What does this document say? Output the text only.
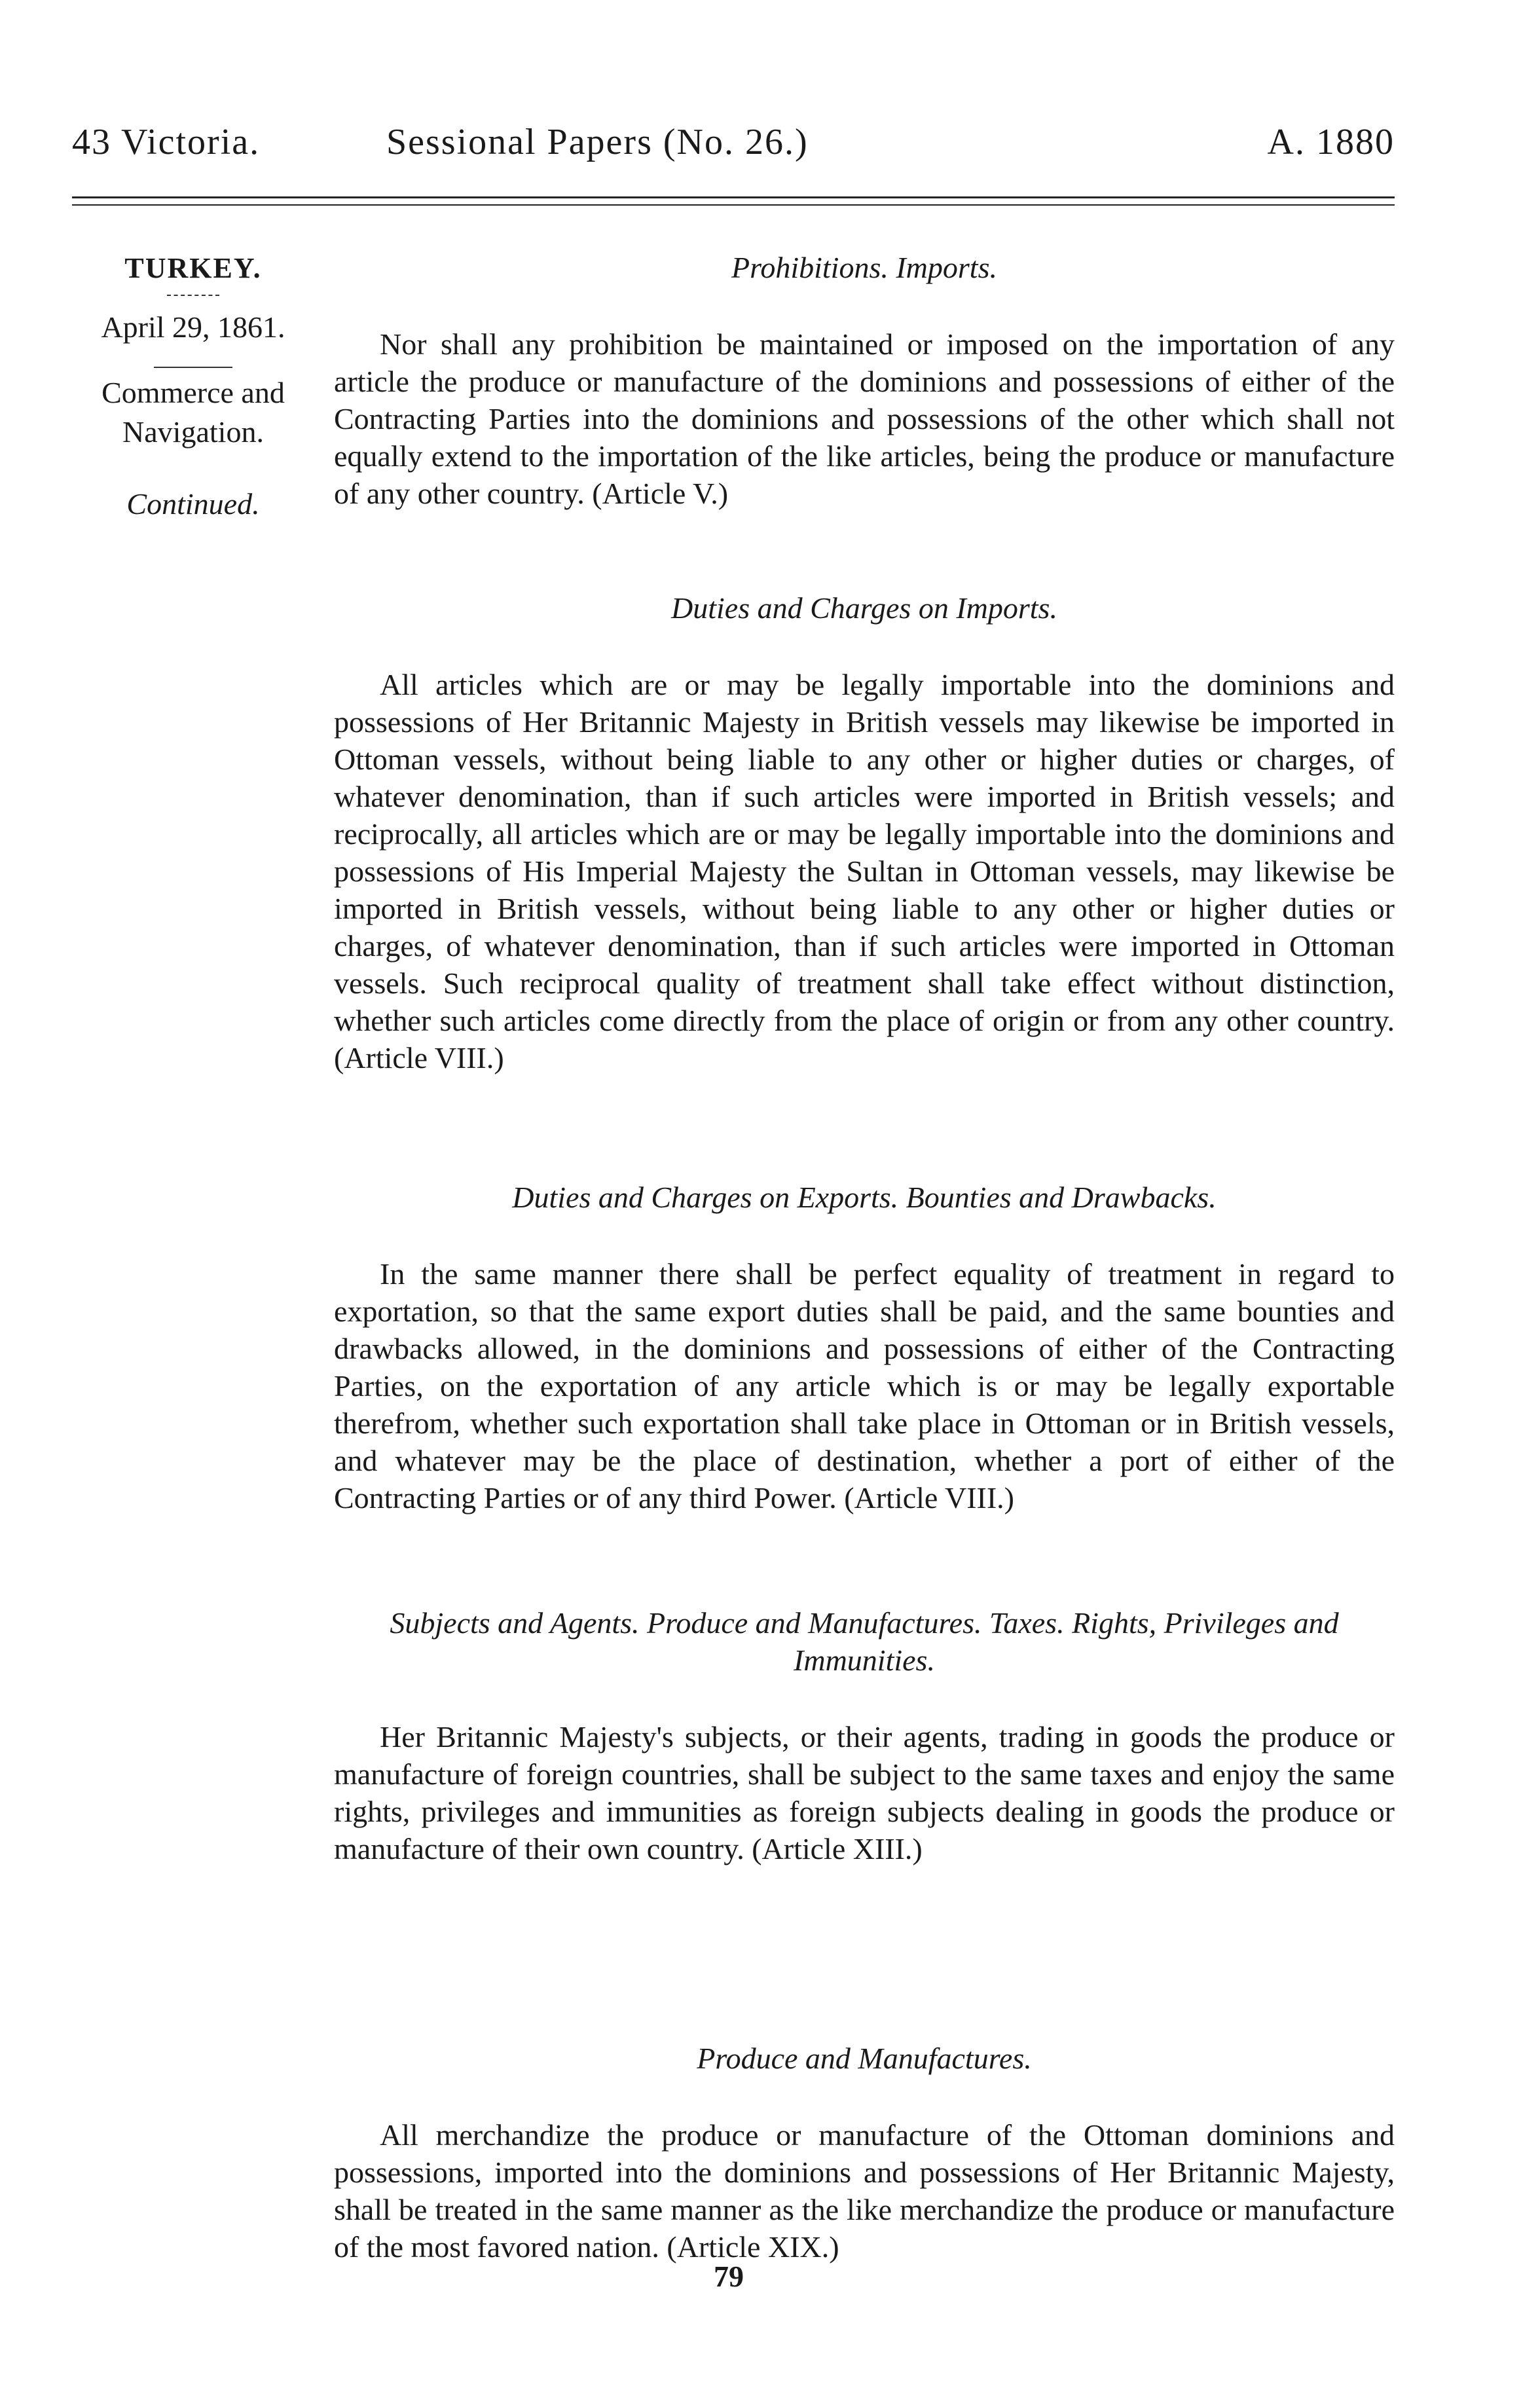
43 Victoria.	Sessional Papers (No. 26.)	A. 1880
TURKEY.
April 29, 1861.
Commerce and Navigation.
Continued.

Prohibitions. Imports.

Nor shall any prohibition be maintained or imposed on the importation of any article the produce or manufacture of the dominions and possessions of either of the Contracting Parties into the dominions and possessions of the other which shall not equally extend to the importation of the like articles, being the produce or manufacture of any other country. (Article V.)

Duties and Charges on Imports.

All articles which are or may be legally importable into the dominions and possessions of Her Britannic Majesty in British vessels may likewise be imported in Ottoman vessels, without being liable to any other or higher duties or charges, of whatever denomination, than if such articles were imported in British vessels; and reciprocally, all articles which are or may be legally importable into the dominions and possessions of His Imperial Majesty the Sultan in Ottoman vessels, may likewise be imported in British vessels, without being liable to any other or higher duties or charges, of whatever denomination, than if such articles were imported in Ottoman vessels. Such reciprocal quality of treatment shall take effect without distinction, whether such articles come directly from the place of origin or from any other country. (Article VIII.)

Duties and Charges on Exports. Bounties and Drawbacks.

In the same manner there shall be perfect equality of treatment in regard to exportation, so that the same export duties shall be paid, and the same bounties and drawbacks allowed, in the dominions and possessions of either of the Contracting Parties, on the exportation of any article which is or may be legally exportable therefrom, whether such exportation shall take place in Ottoman or in British vessels, and whatever may be the place of destination, whether a port of either of the Contracting Parties or of any third Power. (Article VIII.)

Subjects and Agents. Produce and Manufactures. Taxes. Rights, Privileges and Immunities.

Her Britannic Majesty's subjects, or their agents, trading in goods the produce or manufacture of foreign countries, shall be subject to the same taxes and enjoy the same rights, privileges and immunities as foreign subjects dealing in goods the produce or manufacture of their own country. (Article XIII.)

Produce and Manufactures.

All merchandize the produce or manufacture of the Ottoman dominions and possessions, imported into the dominions and possessions of Her Britannic Majesty, shall be treated in the same manner as the like merchandize the produce or manufacture of the most favored nation. (Article XIX.)

79
